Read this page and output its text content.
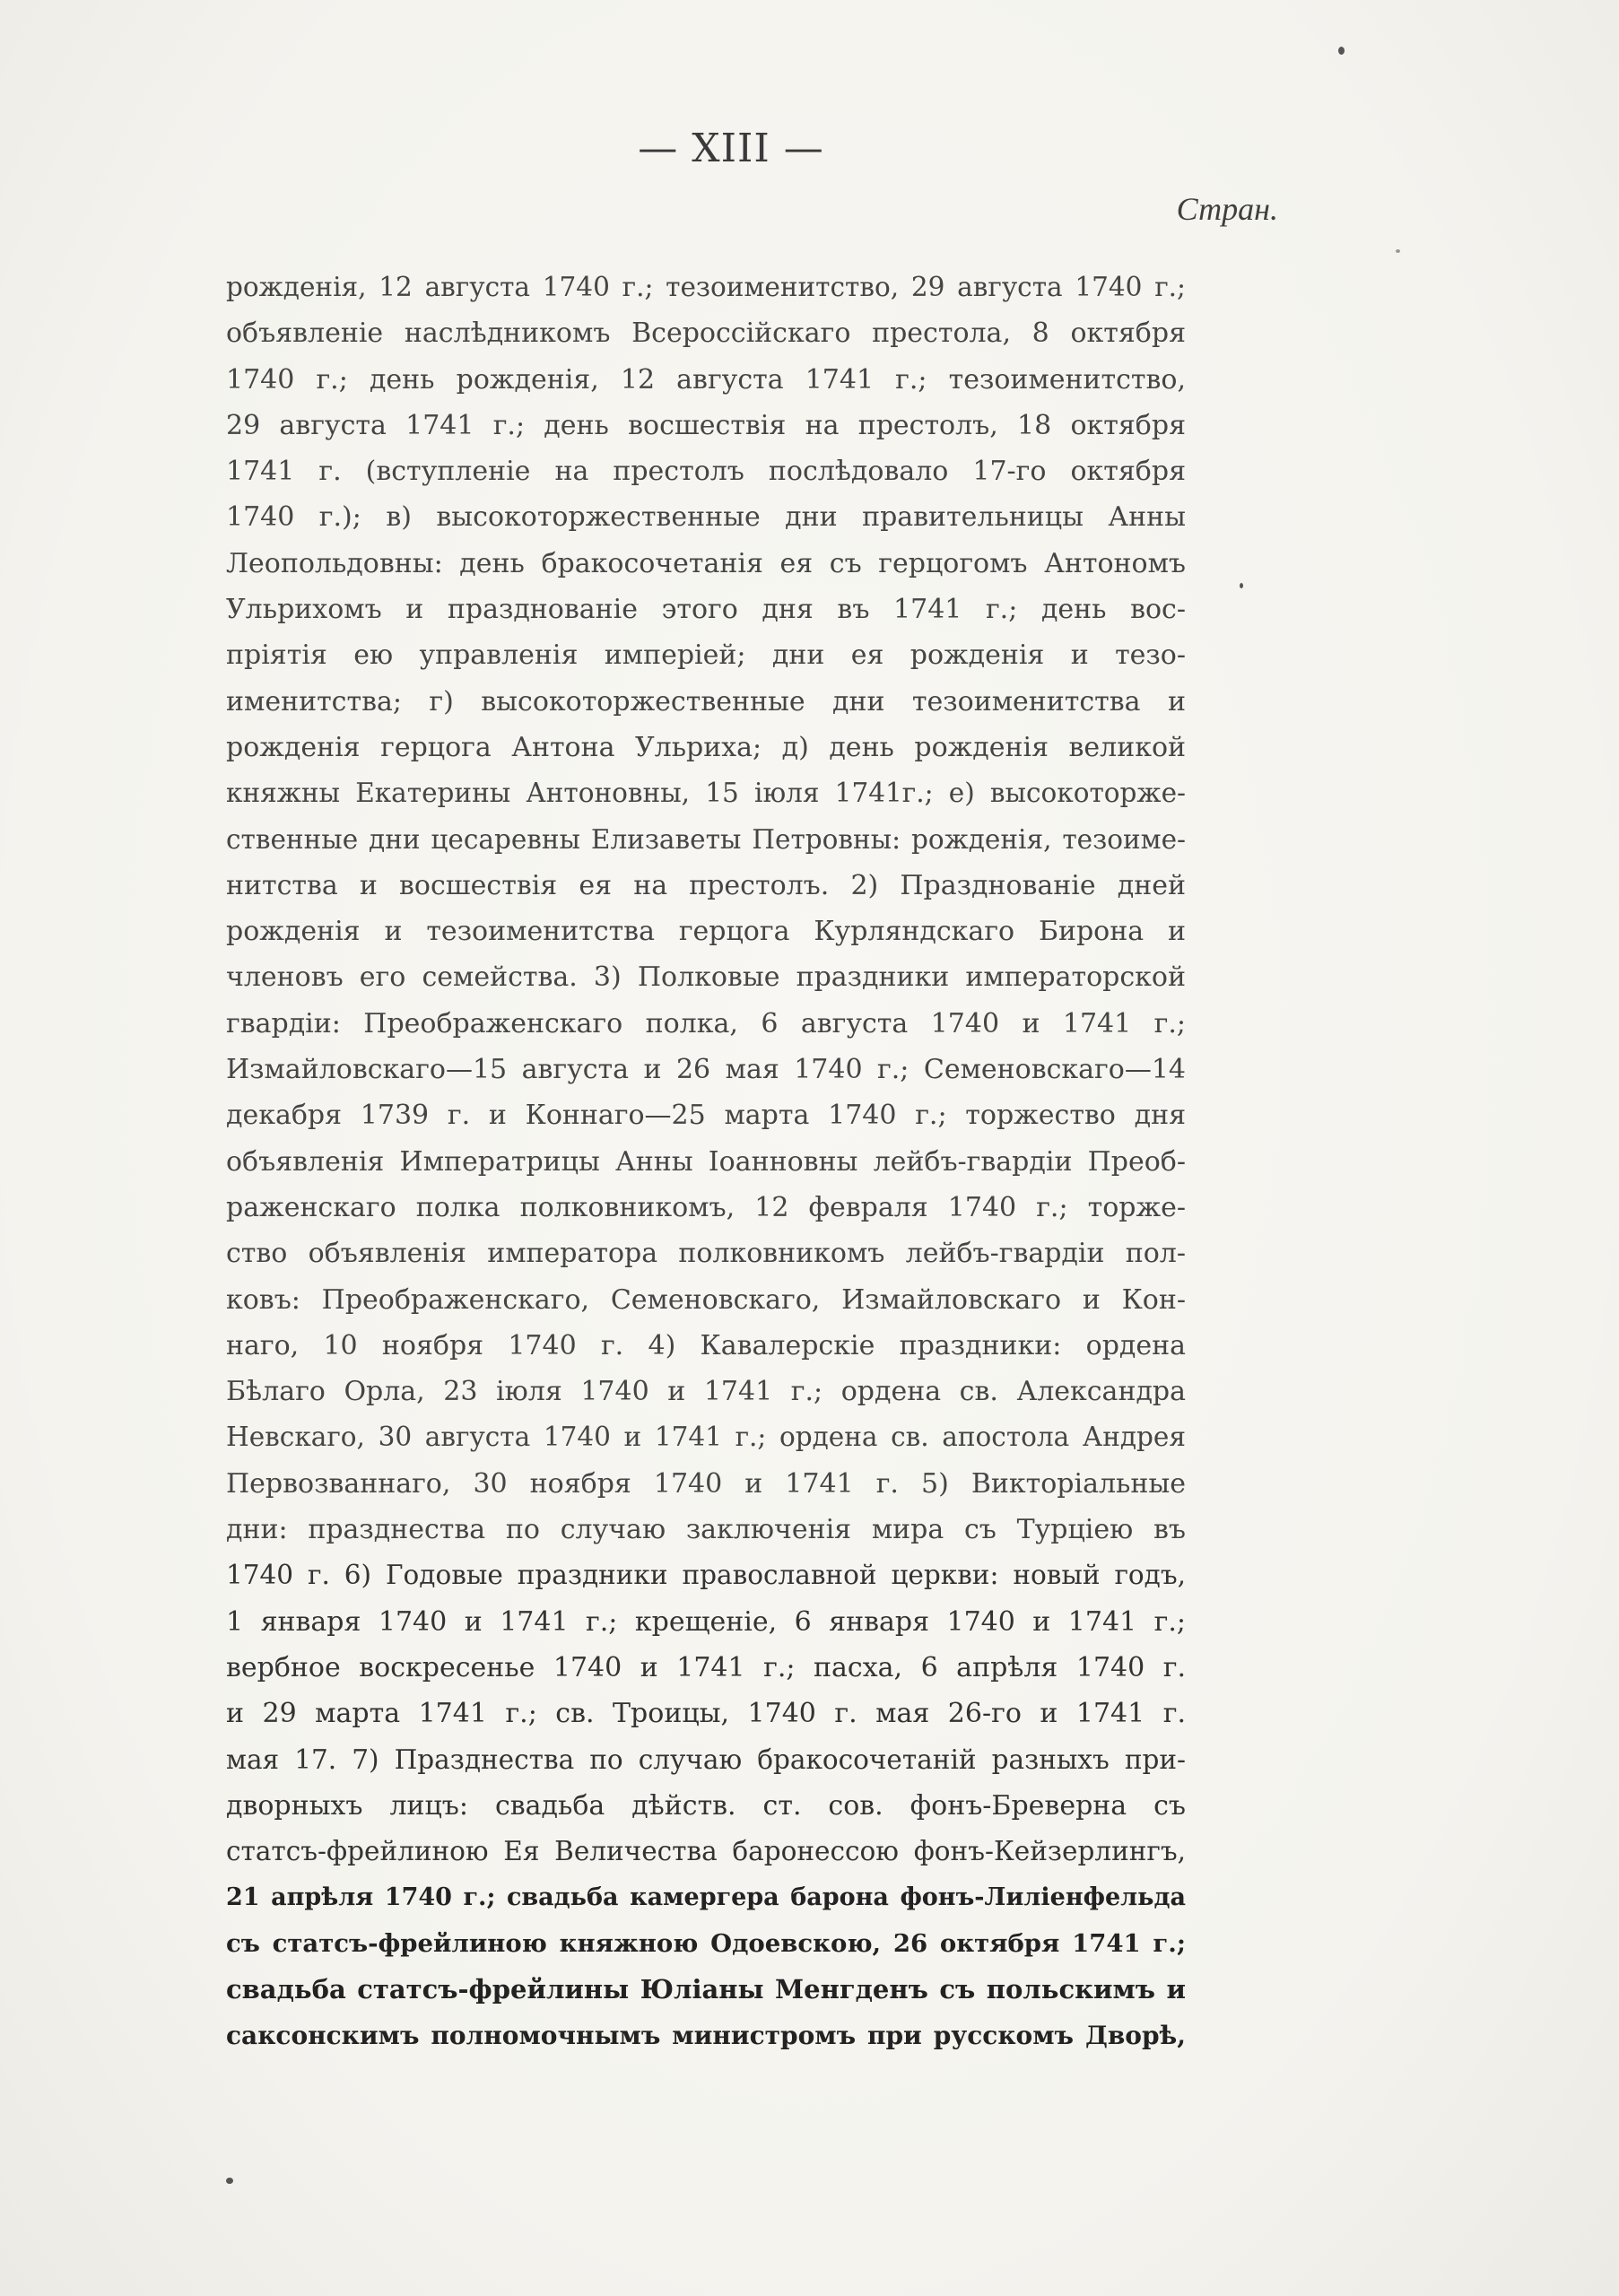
— XIII —
Стран.
рожденія, 12 августа 1740 г.; тезоименитство, 29 августа 1740 г.;
объявленіе наслѣдникомъ Всероссійскаго престола, 8 октября
1740 г.; день рожденія, 12 августа 1741 г.; тезоименитство,
29 августа 1741 г.; день восшествія на престолъ, 18 октября
1741 г. (вступленіе на престолъ послѣдовало 17-го октября
1740 г.); в) высокоторжественные дни правительницы Анны
Леопольдовны: день бракосочетанія ея съ герцогомъ Антономъ
Ульрихомъ и празднованіе этого дня въ 1741 г.; день вос-
пріятія ею управленія имперіей; дни ея рожденія и тезо-
именитства; г) высокоторжественные дни тезоименитства и
рожденія герцога Антона Ульриха; д) день рожденія великой
княжны Екатерины Антоновны, 15 іюля 1741г.; е) высокоторже-
ственные дни цесаревны Елизаветы Петровны: рожденія, тезоиме-
нитства и восшествія ея на престолъ. 2) Празднованіе дней
рожденія и тезоименитства герцога Курляндскаго Бирона и
членовъ его семейства. 3) Полковые праздники императорской
гвардіи: Преображенскаго полка, 6 августа 1740 и 1741 г.;
Измайловскаго—15 августа и 26 мая 1740 г.; Семеновскаго—14
декабря 1739 г. и Коннаго—25 марта 1740 г.; торжество дня
объявленія Императрицы Анны Іоанновны лейбъ-гвардіи Преоб-
раженскаго полка полковникомъ, 12 февраля 1740 г.; торже-
ство объявленія императора полковникомъ лейбъ-гвардіи пол-
ковъ: Преображенскаго, Семеновскаго, Измайловскаго и Кон-
наго, 10 ноября 1740 г. 4) Кавалерскіе праздники: ордена
Бѣлаго Орла, 23 іюля 1740 и 1741 г.; ордена св. Александра
Невскаго, 30 августа 1740 и 1741 г.; ордена св. апостола Андрея
Первозваннаго, 30 ноября 1740 и 1741 г. 5) Викторіальные
дни: празднества по случаю заключенія мира съ Турціею въ
1740 г. 6) Годовые праздники православной церкви: новый годъ,
1 января 1740 и 1741 г.; крещеніе, 6 января 1740 и 1741 г.;
вербное воскресенье 1740 и 1741 г.; пасха, 6 апрѣля 1740 г.
и 29 марта 1741 г.; св. Троицы, 1740 г. мая 26-го и 1741 г.
мая 17. 7) Празднества по случаю бракосочетаній разныхъ при-
дворныхъ лицъ: свадьба дѣйств. ст. сов. фонъ-Бреверна съ
статсъ-фрейлиною Ея Величества баронессою фонъ-Кейзерлингъ,
21 апрѣля 1740 г.; свадьба камергера барона фонъ-Лиліенфельда
съ статсъ-фрейлиною княжною Одоевскою, 26 октября 1741 г.;
свадьба статсъ-фрейлины Юліаны Менгденъ съ польскимъ и
саксонскимъ полномочнымъ министромъ при русскомъ Дворѣ,
